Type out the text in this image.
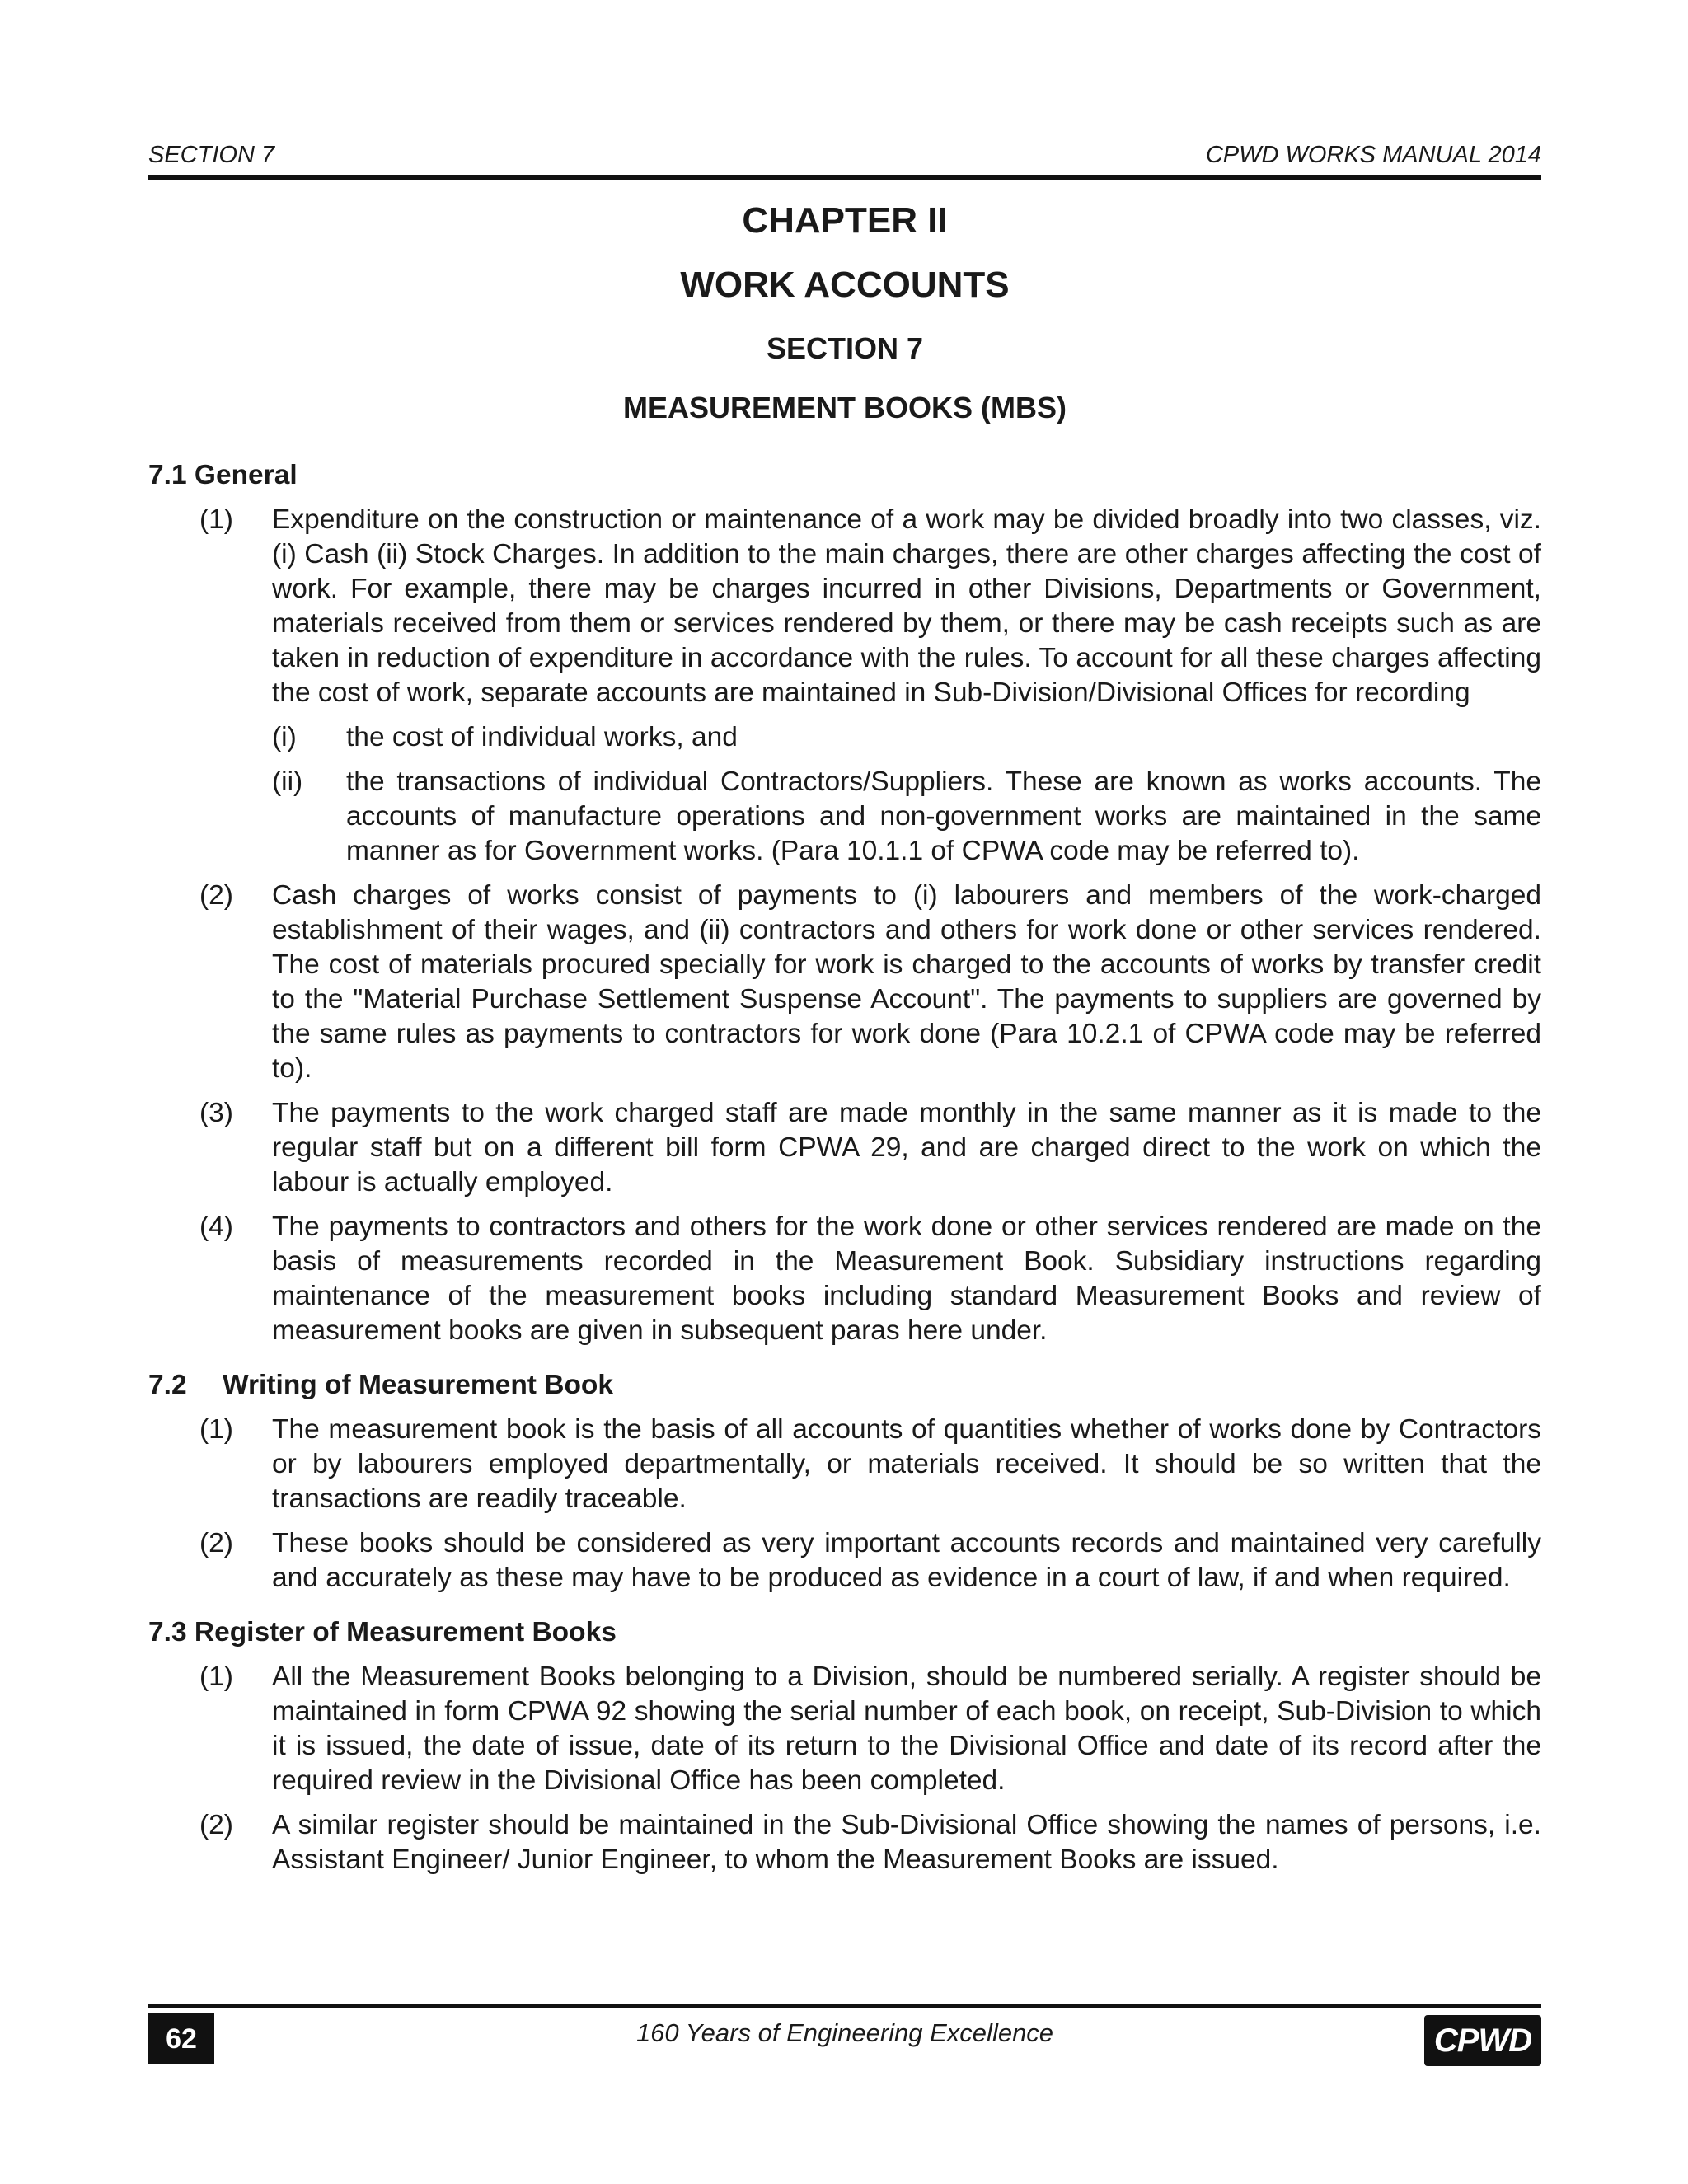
SECTION 7	CPWD WORKS MANUAL 2014
CHAPTER II
WORK ACCOUNTS
SECTION 7
MEASUREMENT BOOKS (MBS)
7.1 General
(1)	Expenditure on the construction or maintenance of a work may be divided broadly into two classes, viz. (i) Cash (ii) Stock Charges. In addition to the main charges, there are other charges affecting the cost of work. For example, there may be charges incurred in other Divisions, Departments or Government, materials received from them or services rendered by them, or there may be cash receipts such as are taken in reduction of expenditure in accordance with the rules. To account for all these charges affecting the cost of work, separate accounts are maintained in Sub-Division/Divisional Offices for recording
(i)	the cost of individual works, and
(ii)	the transactions of individual Contractors/Suppliers. These are known as works accounts. The accounts of manufacture operations and non-government works are maintained in the same manner as for Government works. (Para 10.1.1 of CPWA code may be referred to).
(2)	Cash charges of works consist of payments to (i) labourers and members of the work-charged establishment of their wages, and (ii) contractors and others for work done or other services rendered. The cost of materials procured specially for work is charged to the accounts of works by transfer credit to the "Material Purchase Settlement Suspense Account". The payments to suppliers are governed by the same rules as payments to contractors for work done (Para 10.2.1 of CPWA code may be referred to).
(3)	The payments to the work charged staff are made monthly in the same manner as it is made to the regular staff but on a different bill form CPWA 29, and are charged direct to the work on which the labour is actually employed.
(4)	The payments to contractors and others for the work done or other services rendered are made on the basis of measurements recorded in the Measurement Book. Subsidiary instructions regarding maintenance of the measurement books including standard Measurement Books and review of measurement books are given in subsequent paras here under.
7.2 Writing of Measurement Book
(1)	The measurement book is the basis of all accounts of quantities whether of works done by Contractors or by labourers employed departmentally, or materials received. It should be so written that the transactions are readily traceable.
(2)	These books should be considered as very important accounts records and maintained very carefully and accurately as these may have to be produced as evidence in a court of law, if and when required.
7.3 Register of Measurement Books
(1)	All the Measurement Books belonging to a Division, should be numbered serially. A register should be maintained in form CPWA 92 showing the serial number of each book, on receipt, Sub-Division to which it is issued, the date of issue, date of its return to the Divisional Office and date of its record after the required review in the Divisional Office has been completed.
(2)	A similar register should be maintained in the Sub-Divisional Office showing the names of persons, i.e. Assistant Engineer/ Junior Engineer, to whom the Measurement Books are issued.
62	160 Years of Engineering Excellence	CPWD
